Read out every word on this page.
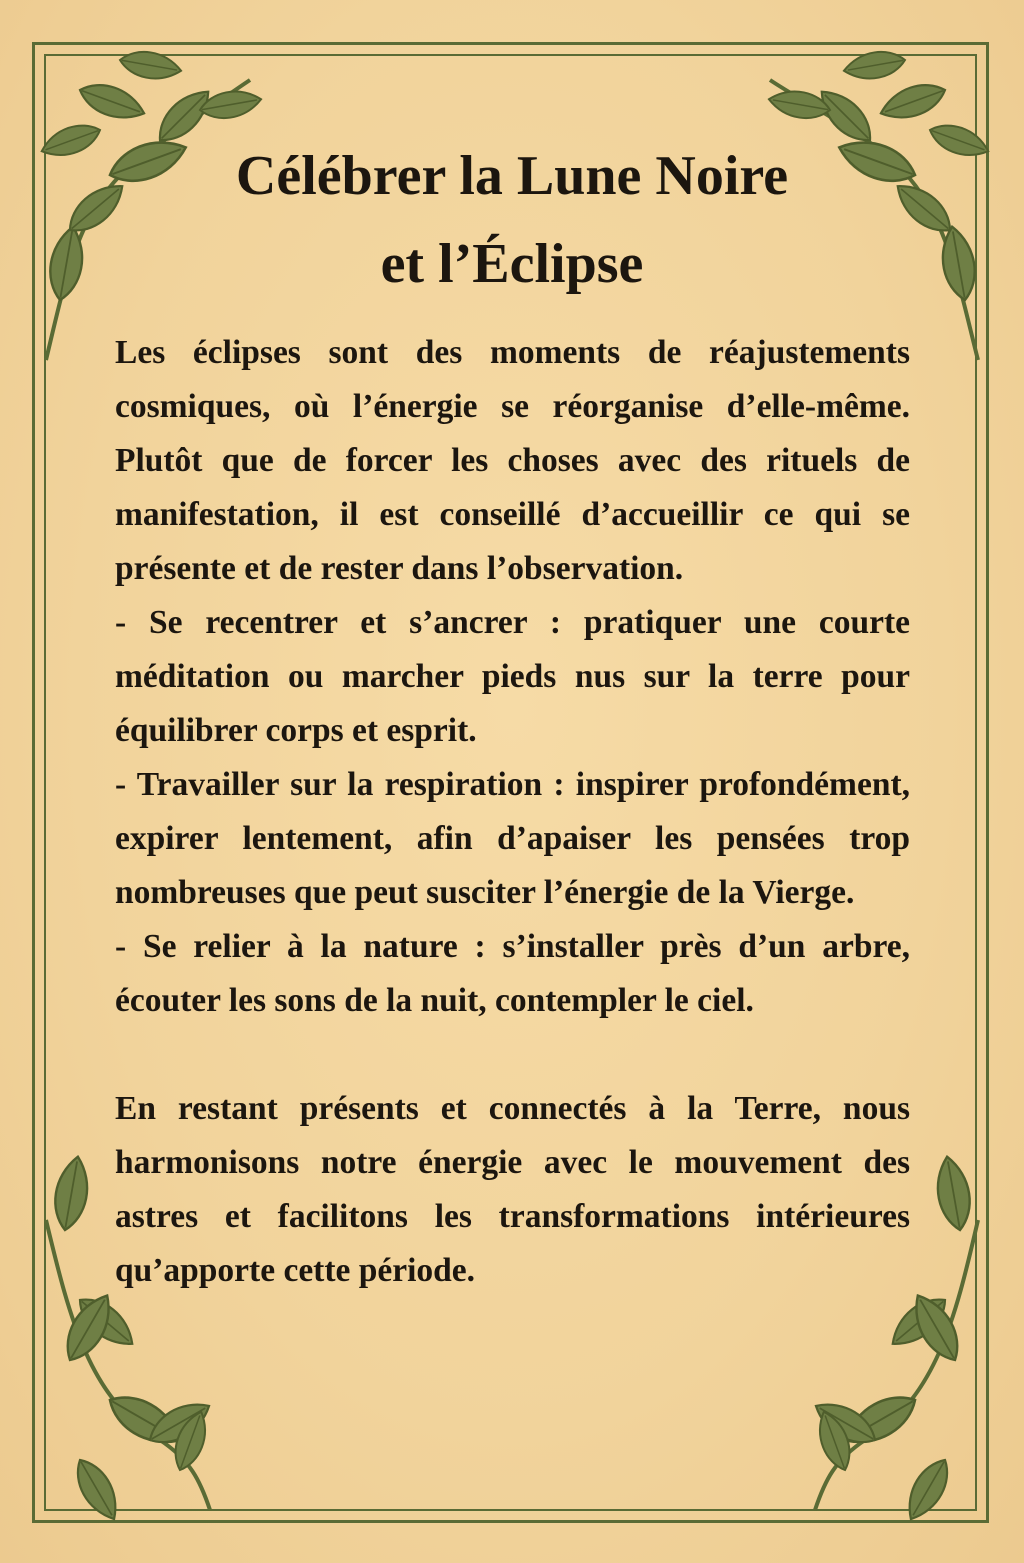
Célébrer la Lune Noire
et l’Éclipse

Les éclipses sont des moments de réajustements cosmiques, où l’énergie se réorganise d’elle-même. Plutôt que de forcer les choses avec des rituels de manifestation, il est conseillé d’accueillir ce qui se présente et de rester dans l’observation.

- Se recentrer et s’ancrer : pratiquer une courte méditation ou marcher pieds nus sur la terre pour équilibrer corps et esprit.

- Travailler sur la respiration : inspirer profondément, expirer lentement, afin d’apaiser les pensées trop nombreuses que peut susciter l’énergie de la Vierge.

- Se relier à la nature : s’installer près d’un arbre, écouter les sons de la nuit, contempler le ciel.

En restant présents et connectés à la Terre, nous harmonisons notre énergie avec le mouvement des astres et facilitons les transformations intérieures qu’apporte cette période.
